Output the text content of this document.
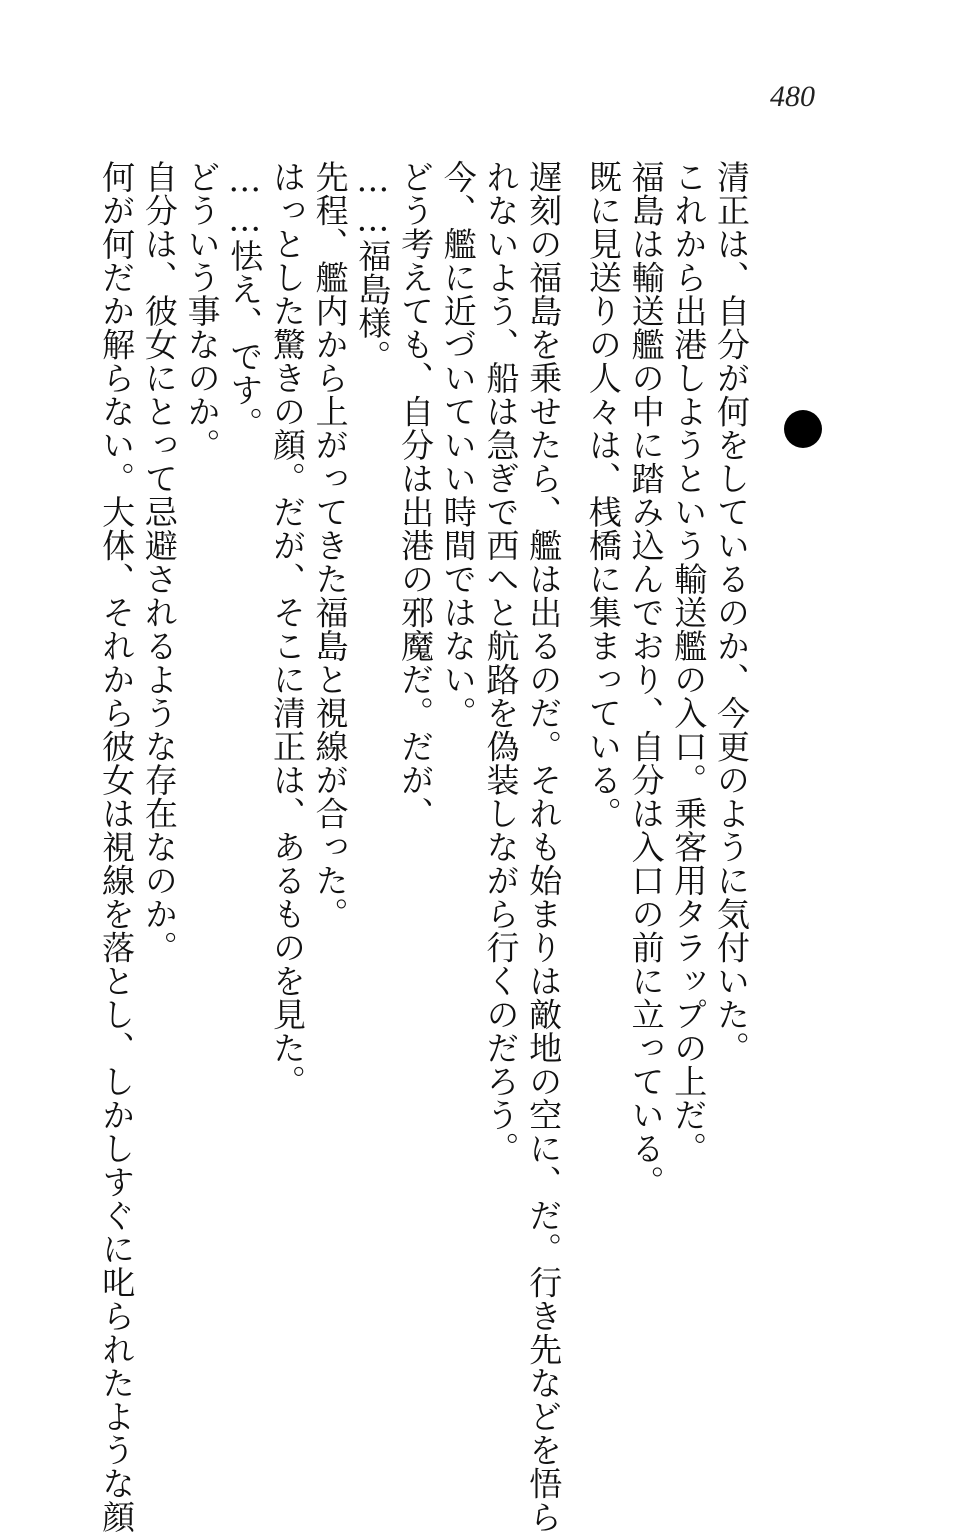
480
清正は、自分が何をしているのか、今更のように気付いた。
これから出港しようという輸送艦の入口。乗客用タラップの上だ。
福島は輸送艦の中に踏み込んでおり、自分は入口の前に立っている。
既に見送りの人々は、桟橋に集まっている。
遅刻の福島を乗せたら、艦は出るのだ。それも始まりは敵地の空に、だ。行き先などを悟ら
れないよう、船は急ぎで西へと航路を偽装しながら行くのだろう。
今、艦に近づいていい時間ではない。
どう考えても、自分は出港の邪魔だ。だが、
……福島様。
先程、艦内から上がってきた福島と視線が合った。
はっとした驚きの顔。だが、そこに清正は、あるものを見た。
……怯え、です。
どういう事なのか。
自分は、彼女にとって忌避されるような存在なのか。
何が何だか解らない。大体、それから彼女は視線を落とし、しかしすぐに叱られたような顔
